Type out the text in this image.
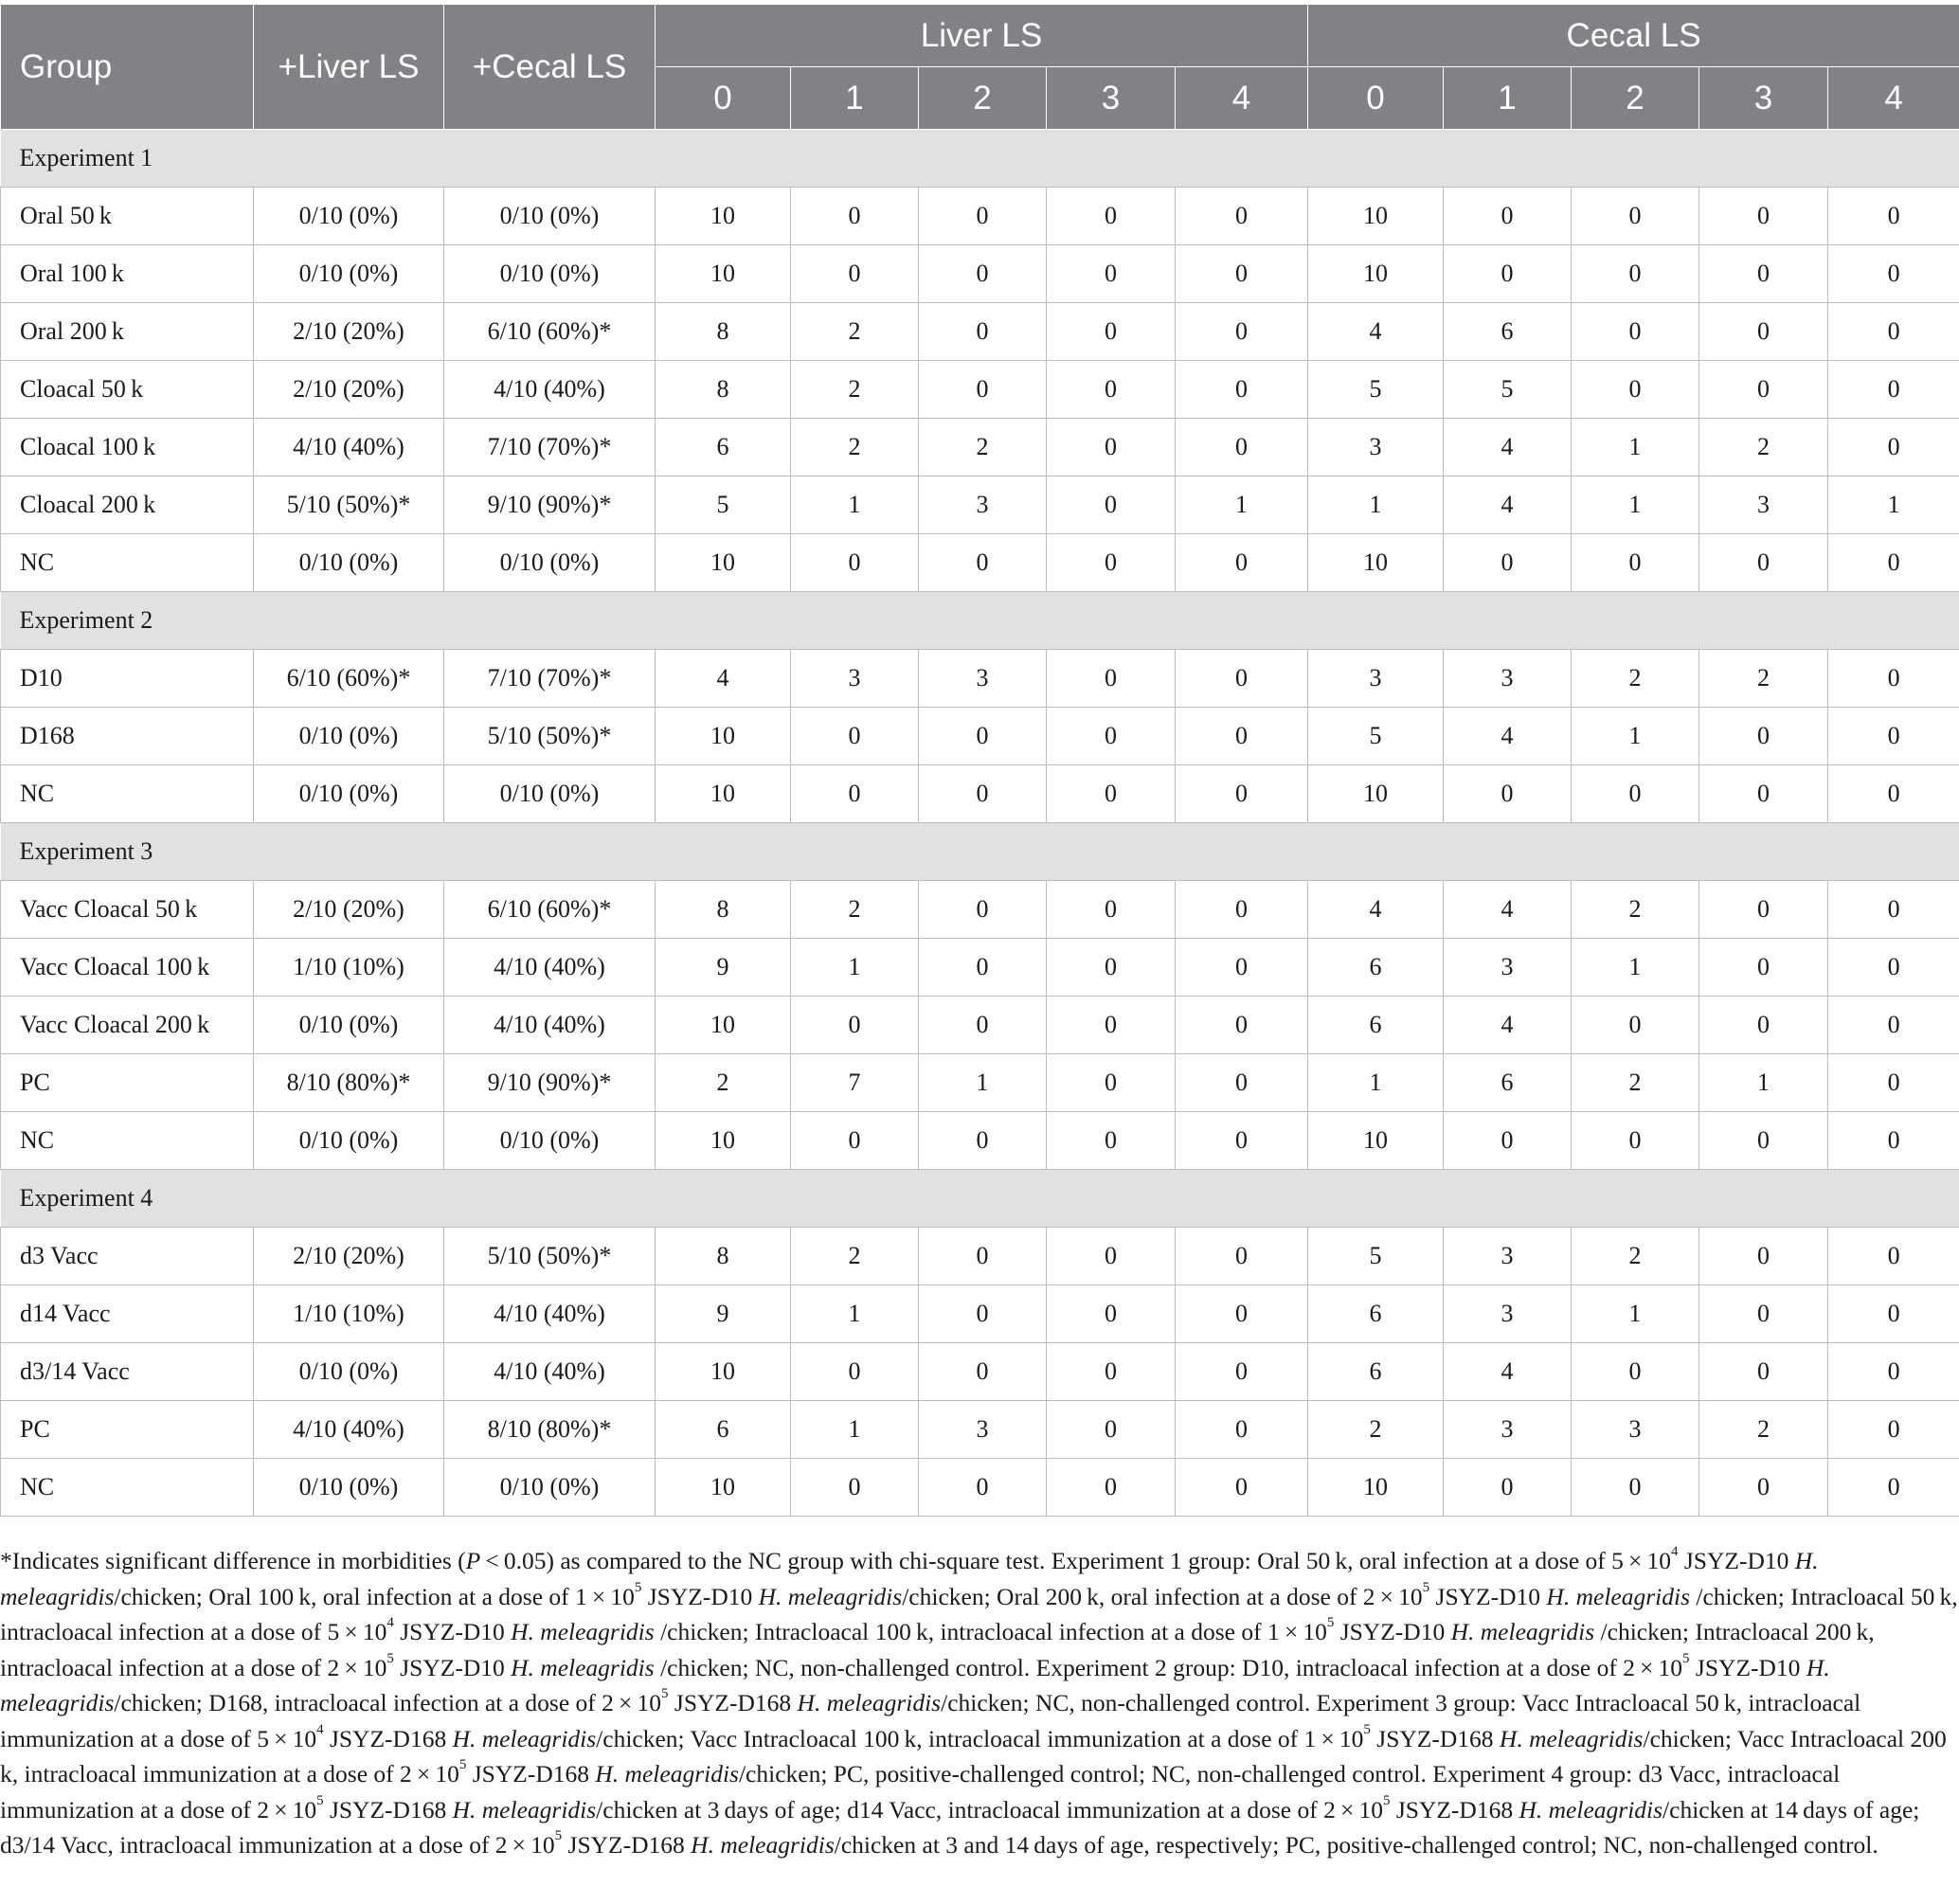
Group	+Liver LS	+Cecal LS	Liver LS					Cecal LS				
			0	1	2	3	4	0	1	2	3	4
Experiment 1												
Oral 50 k	0/10 (0%)	0/10 (0%)	10	0	0	0	0	10	0	0	0	0
Oral 100 k	0/10 (0%)	0/10 (0%)	10	0	0	0	0	10	0	0	0	0
Oral 200 k	2/10 (20%)	6/10 (60%)*	8	2	0	0	0	4	6	0	0	0
Cloacal 50 k	2/10 (20%)	4/10 (40%)	8	2	0	0	0	5	5	0	0	0
Cloacal 100 k	4/10 (40%)	7/10 (70%)*	6	2	2	0	0	3	4	1	2	0
Cloacal 200 k	5/10 (50%)*	9/10 (90%)*	5	1	3	0	1	1	4	1	3	1
NC	0/10 (0%)	0/10 (0%)	10	0	0	0	0	10	0	0	0	0
Experiment 2												
D10	6/10 (60%)*	7/10 (70%)*	4	3	3	0	0	3	3	2	2	0
D168	0/10 (0%)	5/10 (50%)*	10	0	0	0	0	5	4	1	0	0
NC	0/10 (0%)	0/10 (0%)	10	0	0	0	0	10	0	0	0	0
Experiment 3												
Vacc Cloacal 50 k	2/10 (20%)	6/10 (60%)*	8	2	0	0	0	4	4	2	0	0
Vacc Cloacal 100 k	1/10 (10%)	4/10 (40%)	9	1	0	0	0	6	3	1	0	0
Vacc Cloacal 200 k	0/10 (0%)	4/10 (40%)	10	0	0	0	0	6	4	0	0	0
PC	8/10 (80%)*	9/10 (90%)*	2	7	1	0	0	1	6	2	1	0
NC	0/10 (0%)	0/10 (0%)	10	0	0	0	0	10	0	0	0	0
Experiment 4												
d3 Vacc	2/10 (20%)	5/10 (50%)*	8	2	0	0	0	5	3	2	0	0
d14 Vacc	1/10 (10%)	4/10 (40%)	9	1	0	0	0	6	3	1	0	0
d3/14 Vacc	0/10 (0%)	4/10 (40%)	10	0	0	0	0	6	4	0	0	0
PC	4/10 (40%)	8/10 (80%)*	6	1	3	0	0	2	3	3	2	0
NC	0/10 (0%)	0/10 (0%)	10	0	0	0	0	10	0	0	0	0
*Indicates significant difference in morbidities (P < 0.05) as compared to the NC group with chi-square test. Experiment 1 group: Oral 50 k, oral infection at a dose of $5 \times 10^4$ JSYZ-D10 H. meleagridis/chicken; Oral 100 k, oral infection at a dose of $1 \times 10^5$ JSYZ-D10 H. meleagridis/chicken; Oral 200 k, oral infection at a dose of $2 \times 10^5$ JSYZ-D10 H. meleagridis /chicken; Intracloacal 50 k, intracloacal infection at a dose of $5 \times 10^4$ JSYZ-D10 H. meleagridis /chicken; Intracloacal 100 k, intracloacal infection at a dose of $1 \times 10^5$ JSYZ-D10 H. meleagridis /chicken; Intracloacal 200 k, intracloacal infection at a dose of $2 \times 10^5$ JSYZ-D10 H. meleagridis /chicken; NC, non-challenged control. Experiment 2 group: D10, intracloacal infection at a dose of $2 \times 10^5$ JSYZ-D10 H. meleagridis/chicken; D168, intracloacal infection at a dose of $2 \times 10^5$ JSYZ-D168 H. meleagridis/chicken; NC, non-challenged control. Experiment 3 group: Vacc Intracloacal 50 k, intracloacal immunization at a dose of $5 \times 10^4$ JSYZ-D168 H. meleagridis/chicken; Vacc Intracloacal 100 k, intracloacal immunization at a dose of $1 \times 10^5$ JSYZ-D168 H. meleagridis/chicken; Vacc Intracloacal 200 k, intracloacal immunization at a dose of $2 \times 10^5$ JSYZ-D168 H. meleagridis/chicken; PC, positive-challenged control; NC, non-challenged control. Experiment 4 group: d3 Vacc, intracloacal immunization at a dose of $2 \times 10^5$ JSYZ-D168 H. meleagridis/chicken at 3 days of age; d14 Vacc, intracloacal immunization at a dose of $2 \times 10^5$ JSYZ-D168 H. meleagridis/chicken at 14 days of age; d3/14 Vacc, intracloacal immunization at a dose of $2 \times 10^5$ JSYZ-D168 H. meleagridis/chicken at 3 and 14 days of age, respectively; PC, positive-challenged control; NC, non-challenged control.
